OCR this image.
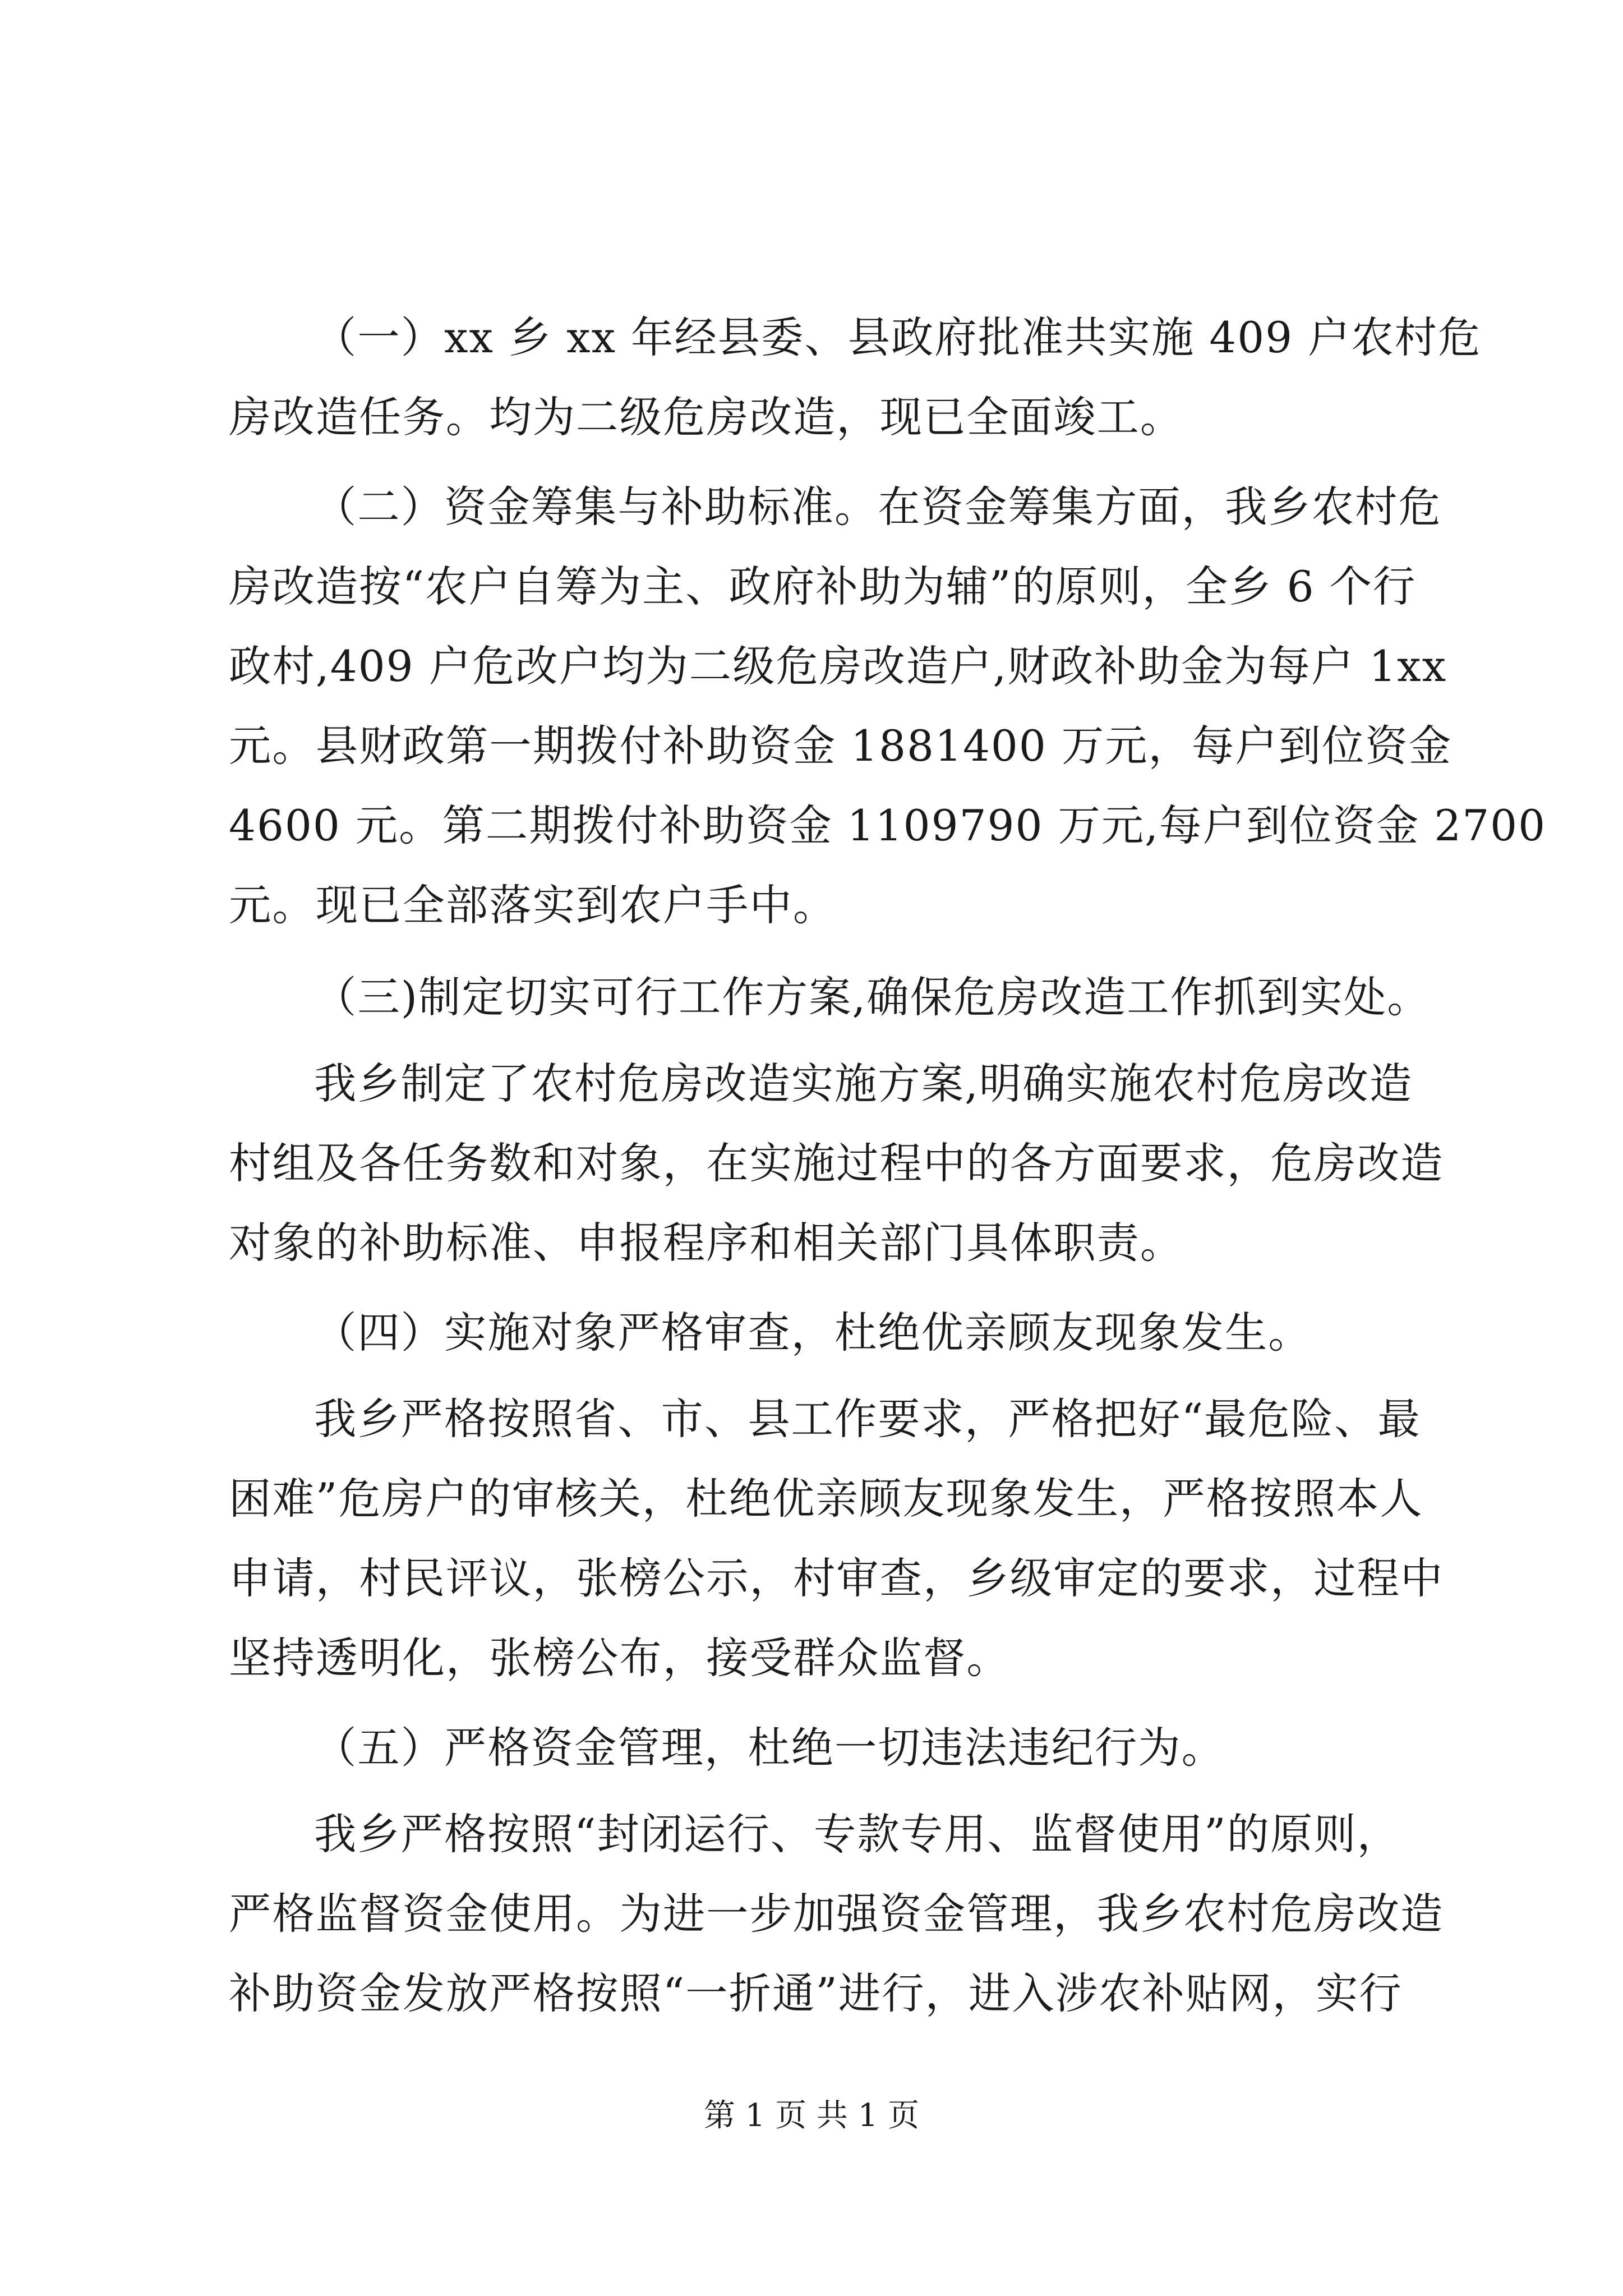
（一）xx 乡 xx 年经县委、县政府批准共实施 409 户农村危
房改造任务。均为二级危房改造，现已全面竣工。
（二）资金筹集与补助标准。在资金筹集方面，我乡农村危
房改造按“农户自筹为主、政府补助为辅”的原则，全乡 6 个行
政村,409 户危改户均为二级危房改造户,财政补助金为每户 1xx
元。县财政第一期拨付补助资金 1881400 万元，每户到位资金
4600 元。第二期拨付补助资金 1109790 万元,每户到位资金 2700
元。现已全部落实到农户手中。
（三)制定切实可行工作方案,确保危房改造工作抓到实处。
我乡制定了农村危房改造实施方案,明确实施农村危房改造
村组及各任务数和对象，在实施过程中的各方面要求，危房改造
对象的补助标准、申报程序和相关部门具体职责。
（四）实施对象严格审查，杜绝优亲顾友现象发生。
我乡严格按照省、市、县工作要求，严格把好“最危险、最
困难”危房户的审核关，杜绝优亲顾友现象发生，严格按照本人
申请，村民评议，张榜公示，村审查，乡级审定的要求，过程中
坚持透明化，张榜公布，接受群众监督。
（五）严格资金管理，杜绝一切违法违纪行为。
我乡严格按照“封闭运行、专款专用、监督使用”的原则，
严格监督资金使用。为进一步加强资金管理，我乡农村危房改造
补助资金发放严格按照“一折通”进行，进入涉农补贴网，实行
第 1 页 共 1 页
